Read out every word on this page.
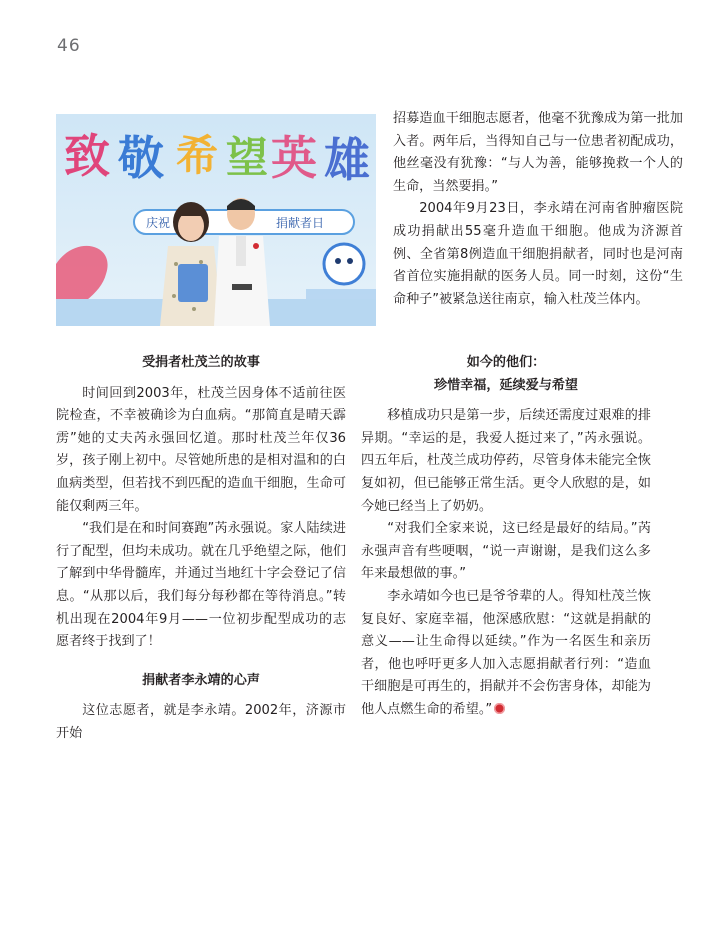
46
致 敬 希 望 英 雄
庆祝	捐献者日

招募造血干细胞志愿者，他毫不犹豫成为第一批加入者。两年后，当得知自己与一位患者初配成功，他丝毫没有犹豫：“与人为善，能够挽救一个人的生命，当然要捐。”

2004年9月23日，李永靖在河南省肿瘤医院成功捐献出55毫升造血干细胞。他成为济源首例、全省第8例造血干细胞捐献者，同时也是河南省首位实施捐献的医务人员。同一时刻，这份“生命种子”被紧急送往南京，输入杜茂兰体内。

受捐者杜茂兰的故事

时间回到2003年，杜茂兰因身体不适前往医院检查，不幸被确诊为白血病。“那简直是晴天霹雳”她的丈夫芮永强回忆道。那时杜茂兰年仅36岁，孩子刚上初中。尽管她所患的是相对温和的白血病类型，但若找不到匹配的造血干细胞，生命可能仅剩两三年。

“我们是在和时间赛跑”芮永强说。家人陆续进行了配型，但均未成功。就在几乎绝望之际，他们了解到中华骨髓库，并通过当地红十字会登记了信息。“从那以后，我们每分每秒都在等待消息。”转机出现在2004年9月——一位初步配型成功的志愿者终于找到了！

捐献者李永靖的心声

这位志愿者，就是李永靖。2002年，济源市开始

如今的他们：
珍惜幸福，延续爱与希望

移植成功只是第一步，后续还需度过艰难的排异期。“幸运的是，我爱人挺过来了，”芮永强说。四五年后，杜茂兰成功停药，尽管身体未能完全恢复如初，但已能够正常生活。更令人欣慰的是，如今她已经当上了奶奶。

“对我们全家来说，这已经是最好的结局。”芮永强声音有些哽咽，“说一声谢谢，是我们这么多年来最想做的事。”

李永靖如今也已是爷爷辈的人。得知杜茂兰恢复良好、家庭幸福，他深感欣慰：“这就是捐献的意义——让生命得以延续。”作为一名医生和亲历者，他也呼吁更多人加入志愿捐献者行列：“造血干细胞是可再生的，捐献并不会伤害身体，却能为他人点燃生命的希望。”
